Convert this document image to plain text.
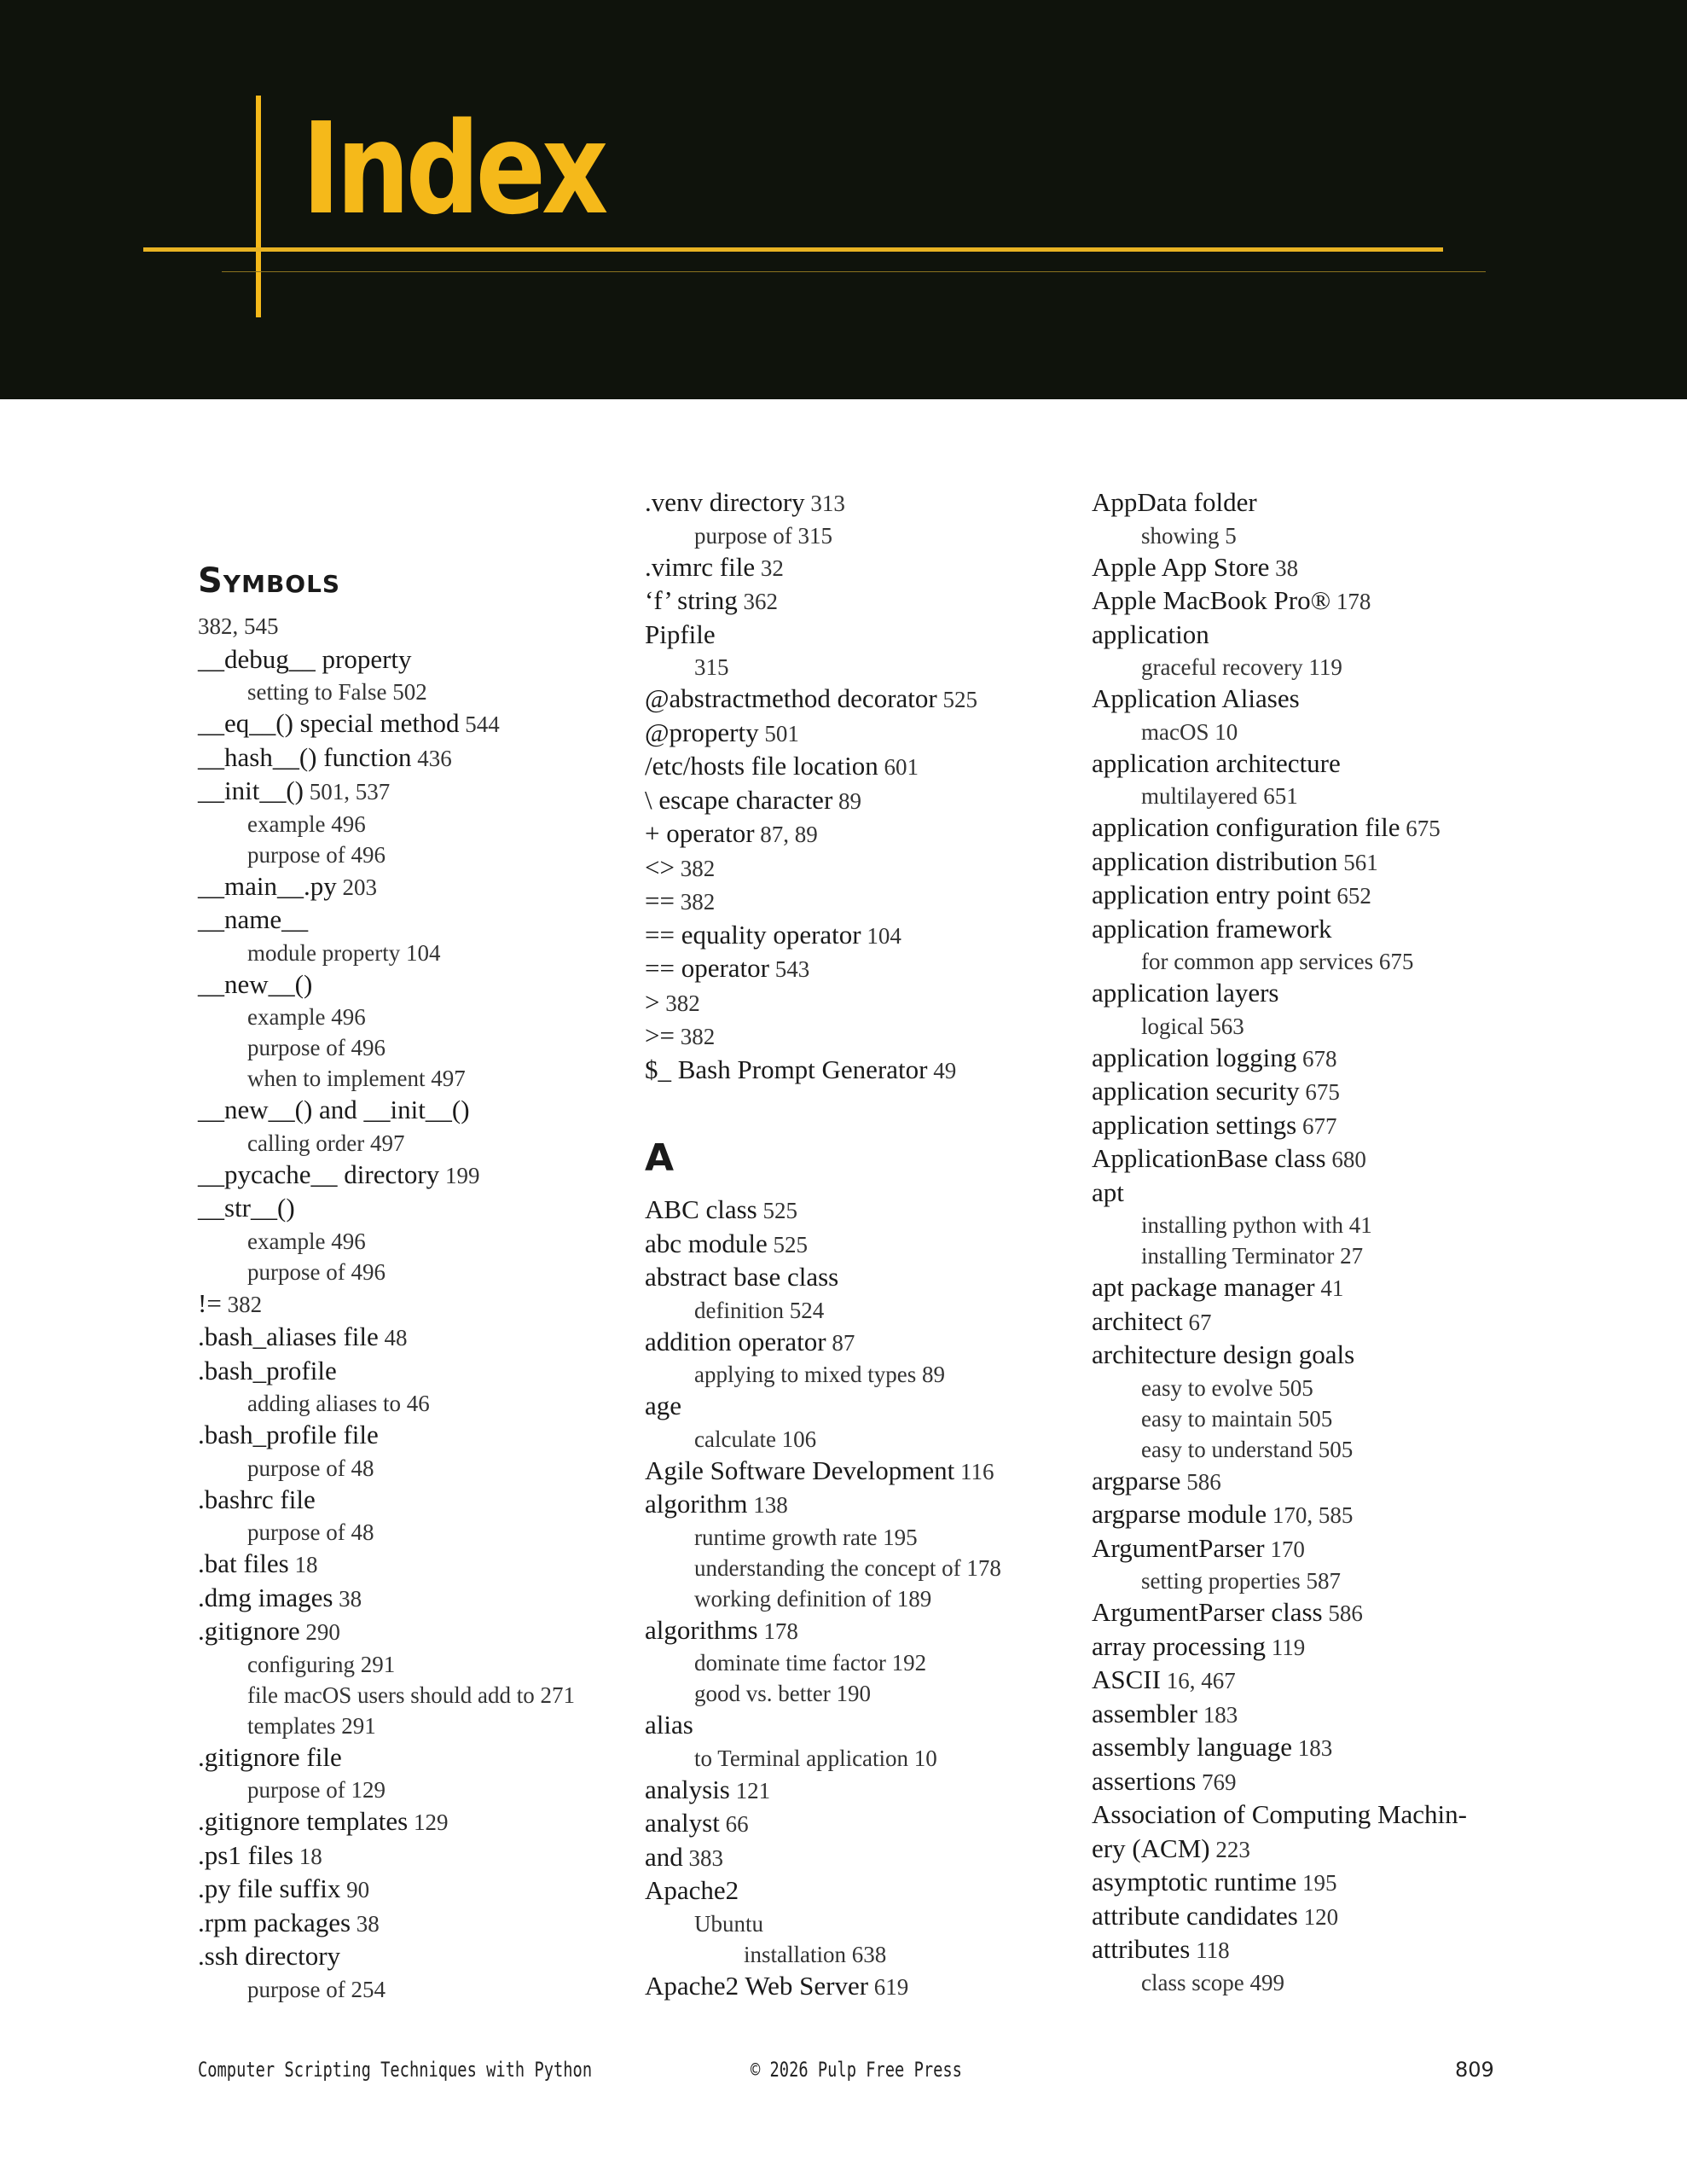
Index
Symbols
382, 545
__debug__ property
setting to False 502
__eq__() special method 544
__hash__() function 436
__init__() 501, 537
example 496
purpose of 496
__main__.py 203
__name__
module property 104
__new__()
example 496
purpose of 496
when to implement 497
__new__() and __init__()
calling order 497
__pycache__ directory 199
__str__()
example 496
purpose of 496
!= 382
.bash_aliases file 48
.bash_profile
adding aliases to 46
.bash_profile file
purpose of 48
.bashrc file
purpose of 48
.bat files 18
.dmg images 38
.gitignore 290
configuring 291
file macOS users should add to 271
templates 291
.gitignore file
purpose of 129
.gitignore templates 129
.ps1 files 18
.py file suffix 90
.rpm packages 38
.ssh directory
purpose of 254
.venv directory 313
purpose of 315
.vimrc file 32
‘f’ string 362
Pipfile
315
@abstractmethod decorator 525
@property 501
/etc/hosts file location 601
\ escape character 89
+ operator 87, 89
<> 382
== 382
== equality operator 104
== operator 543
> 382
>= 382
$_ Bash Prompt Generator 49
A
ABC class 525
abc module 525
abstract base class
definition 524
addition operator 87
applying to mixed types 89
age
calculate 106
Agile Software Development 116
algorithm 138
runtime growth rate 195
understanding the concept of 178
working definition of 189
algorithms 178
dominate time factor 192
good vs. better 190
alias
to Terminal application 10
analysis 121
analyst 66
and 383
Apache2
Ubuntu
installation 638
Apache2 Web Server 619
AppData folder
showing 5
Apple App Store 38
Apple MacBook Pro® 178
application
graceful recovery 119
Application Aliases
macOS 10
application architecture
multilayered 651
application configuration file 675
application distribution 561
application entry point 652
application framework
for common app services 675
application layers
logical 563
application logging 678
application security 675
application settings 677
ApplicationBase class 680
apt
installing python with 41
installing Terminator 27
apt package manager 41
architect 67
architecture design goals
easy to evolve 505
easy to maintain 505
easy to understand 505
argparse 586
argparse module 170, 585
ArgumentParser 170
setting properties 587
ArgumentParser class 586
array processing 119
ASCII 16, 467
assembler 183
assembly language 183
assertions 769
Association of Computing Machin-
ery (ACM) 223
asymptotic runtime 195
attribute candidates 120
attributes 118
class scope 499
Computer Scripting Techniques with Python	© 2026 Pulp Free Press	809
